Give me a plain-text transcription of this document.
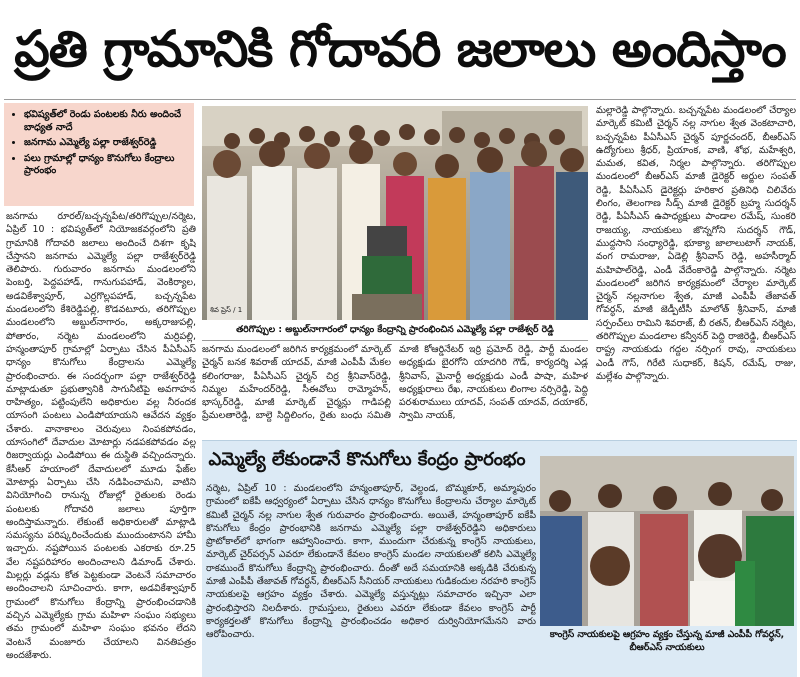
ప్రతి గ్రామానికి గోదావరి జలాలు అందిస్తాం
• భవిష్యత్‌లో రెండు పంటలకు నీరు అందించే బాధ్యత నాదే
• జనగామ ఎమ్మెల్యే పల్లా రాజేశ్వర్‌రెడ్డి
• పలు గ్రామాల్లో ధాన్యం కొనుగోలు కేంద్రాలు ప్రారంభం

జనగామ రూరల్/బచ్చన్నపేట/తరిగొప్పుల/నర్మెట, ఏప్రిల్ 10 : భవిష్యత్‌లో నియోజకవర్గంలోని ప్రతి గ్రామానికి గోదావరి జలాలు అందించే దిశగా కృషి చేస్తానని జనగామ ఎమ్మెల్యే పల్లా రాజేశ్వర్‌రెడ్డి తెలిపారు. గురువారం జనగామ మండలంలోని పెంబర్తి, పెద్దపహాడ్, గానుగుపహాడ్, వెంకిర్యాల, అడవికేశ్వాపూర్, ఎర్రగొల్లపహాడ్, బచ్చన్నపేట మండలంలోని కేశిరెడ్డిపల్లి, కొడవటూరు, తరిగొప్పుల మండలంలోని అబ్దుల్‌నాగారం, అక్కరాజుపల్లి, పోతారం, నర్మెట మండలంలోని మర్రిపల్లి, హన్మంతాపూర్ గ్రామాల్లో ఏర్పాటు చేసిన పీఏసీఎస్ ధాన్యం కొనుగోలు కేంద్రాలను ఎమ్మెల్యే ప్రారంభించారు. ఈ సందర్భంగా పల్లా రాజేశ్వర్‌రెడ్డి మాట్లాడుతూ ప్రభుత్వానికి సాగునీటిపై అవగాహన రాహిత్యం, పట్టింపులేని అధికారుల వల్ల నీరందక యాసంగి పంటలు ఎండిపోయాయని ఆవేదన వ్యక్తం చేశారు. వానాకాలం చెరువులు నింపకపోవడం, యాసంగిలో దేవాదుల మోటార్లు నడపకపోవడం వల్ల రిజర్వాయర్లు ఎండిపోయి ఈ దుస్థితి వచ్చిందన్నారు. కేసీఆర్ హయాంలో దేవాదులలో మూడు ఫేజ్‌ల మోటార్లు ఏర్పాటు చేసి నడిపించామని, వాటిని వినియోగించి రానున్న రోజుల్లో రైతులకు రెండు పంటలకు గోదావరి జలాలు పూర్తిగా అందిస్తామన్నారు. లేకుంటే అధికారులతో మాట్లాడి సమస్యను పరిష్కరించేందుకు ముందుంటానని హామీ ఇచ్చారు. నష్టపోయిన పంటలకు ఎకరాకు రూ.25 వేల నష్టపరిహారం అందించాలని డిమాండ్ చేశారు. మిల్లర్లు వడ్లను కోత పెట్టకుండా వెంటనే సమాచారం అందించాలని సూచించారు. కాగా, అడవికేశ్వాపూర్ గ్రామంలో కొనుగోలు కేంద్రాన్ని ప్రారంభించడానికి వచ్చిన ఎమ్మెల్యేకు గ్రామ మహిళా సంఘం సభ్యులు తమ గ్రామంలో మహిళా సంఘం భవనం లేదని వెంటనే మంజూరు చేయాలని వినతిపత్రం అందజేశారు.

శివ ప్రెస్ / 1
తరిగొప్పుల : అబ్దుల్‌నాగారంలో ధాన్యం కేంద్రాన్ని ప్రారంభించిన ఎమ్మెల్యే పల్లా రాజేశ్వర్ రెడ్డి

జనగామ మండలంలో జరిగిన కార్యక్రమంలో మార్కెట్ చైర్మన్ బనక శివరాజ్ యాదవ్, మాజీ ఎంపీపీ మేకల కలింగరాజు, పీఏసీఎస్ చైర్మన్ చిర్ర శ్రీనివాస్‌రెడ్డి, నిమ్మల మహేందర్‌రెడ్డి, సీఈవోలు రామ్మోహన్, భాస్కర్‌రెడ్డి, మాజీ మార్కెట్ చైర్మన్లు గాడిపల్లి ప్రేమలతారెడ్డి, బాల్దె సిద్దిలింగం, రైతు బంధు సమితి మాజీ కోఆర్డినేటర్ ఇర్రి ప్రమోద్ రెడ్డి, పార్టీ మండల అధ్యక్షుడు బైరగోని యాదగిరి గౌడ్, కార్యదర్శి ఎడ్ల శ్రీనివాస్, మైనార్టీ అధ్యక్షుడు ఎండీ పాషా, మహిళ అధ్యక్షురాలు రేఖ, నాయకులు లింగాల నర్సిరెడ్డి, పెద్ది పరశురాములు యాదవ్, సంపత్ యాదవ్, దయాకర్, స్వామి నాయక్,

మల్లారెడ్డి పాల్గొన్నారు. బచ్చన్నపేట మండలంలో చేర్యాల మార్కెట్ కమిటీ చైర్మన్ నల్ల నాగుల శ్వేత వెంకటాచారి, బచ్చన్నపేట పీఏసీఎస్ చైర్మన్ పూర్ణచందర్, బీఆర్ఎస్ ఉద్యోగులు శ్రీధర్, ప్రియాంక, వాణి, శోభ, మహేశ్వరి, మమత, కవిత, నిర్మల పాల్గొన్నారు. తరిగొప్పుల మండలంలో బీఆర్ఎస్ మాజీ డైరెక్టర్ అర్జుల సంపత్ రెడ్డి, పీఏసీఎస్ డైరెక్టర్లు హరికార ప్రతినిధి చిలివేరు లింగం, తెలంగాణ సీడ్స్ మాజీ డైరెక్టర్ బ్రహ్మ సుదర్శన్ రెడ్డి, పీఏసీఎస్ ఉపాధ్యక్షులు పాండాల రమేష్, సుంకరి రాజయ్య, నాయకులు జొన్నగోని సుదర్శన్ గౌడ్, ముద్దసాని సంధ్యారెడ్డి, భూక్యా జాలాలుటాగ్ నాయక్, వంగ రామరాజు, ఏడెల్లి శ్రీనివాస్ రెడ్డి, అహసీర్మాద్ మహిపాల్‌రెడ్డి, ఎండీ వేదేంకారెడ్డి పాల్గొన్నారు. నర్మెట మండలంలో జరిగిన కార్యక్రమంలో చేర్యాల మార్కెట్ చైర్మన్ నల్లనాగుల శ్వేత, మాజీ ఎంపీపీ తేజావత్ గోవర్ధన్, మాజీ జెడ్పీటీసీ మాలోత్ శ్రీనివాస్, మాజీ సర్పంచ్‌లు రామిని శివరాజ్, బీ రతన్, బీఆర్ఎస్ నర్మెట, తరిగొప్పుల మండలాల కన్వీనర్ పెద్ది రాజిరెడ్డి, బీఆర్ఎస్ రాష్ట్ర నాయకుడు గద్దల నర్సింగ రావు, నాయకులు ఎండీ గౌస్, గిరేటి సుధాకర్, కిషన్, రమేష్, రాజు, మల్లేశం పాల్గొన్నారు.

ఎమ్మెల్యే లేకుండానే కొనుగోలు కేంద్రం ప్రారంభం

నర్మెట, ఏప్రిల్ 10 : మండలంలోని హన్మంతాపూర్, వెల్దండ, బొమ్మకూర్, అమ్మాపురం గ్రామంలో ఐకేపీ ఆధ్వర్యంలో ఏర్పాటు చేసిన ధాన్యం కొనుగోలు కేంద్రాలను చేర్యాల మార్కెట్ కమిటీ చైర్మన్ నల్ల నాగుల శ్వేత గురువారం ప్రారంభించారు. అయితే, హన్మంతాపూర్ ఐకేపీ కొనుగోలు కేంద్రం ప్రారంభానికి జనగామ ఎమ్మెల్యే పల్లా రాజేశ్వర్‌రెడ్డిని అధికారులు ప్రొటోకాల్‌లో భాగంగా ఆహ్వానించారు. కాగా, ముందుగా చేరుకున్న కాంగ్రెస్ నాయకులు, మార్కెట్ చైర్‌పర్సన్ ఎవరూ లేకుండానే కేవలం కాంగ్రెస్ మండల నాయకులతో కలిసి ఎమ్మెల్యే రాకముందే కొనుగోలు కేంద్రాన్ని ప్రారంభించారు. దీంతో అదే సమయానికి అక్కడికి చేరుకున్న మాజీ ఎంపీపీ తేజావత్ గోవర్ధన్, బీఆర్ఎస్ సీనియర్ నాయకులు గుడికందుల నరహరి కాంగ్రెస్ నాయకులపై ఆగ్రహం వ్యక్తం చేశారు. ఎమ్మెల్యే వస్తున్నట్లు సమాచారం ఇచ్చినా ఎలా ప్రారంభిస్తారని నిలదీశారు. గ్రామస్తులు, రైతులు ఎవరూ లేకుండా కేవలం కాంగ్రెస్ పార్టీ కార్యకర్తలతో కొనుగోలు కేంద్రాన్ని ప్రారంభించడం అధికార దుర్వినియోగమేనని వారు ఆరోపించారు.	కాంగ్రెస్ నాయకులపై ఆగ్రహం వ్యక్తం చేస్తున్న మాజీ ఎంపీపీ గోవర్ధన్, బీఆర్ఎస్ నాయకులు
